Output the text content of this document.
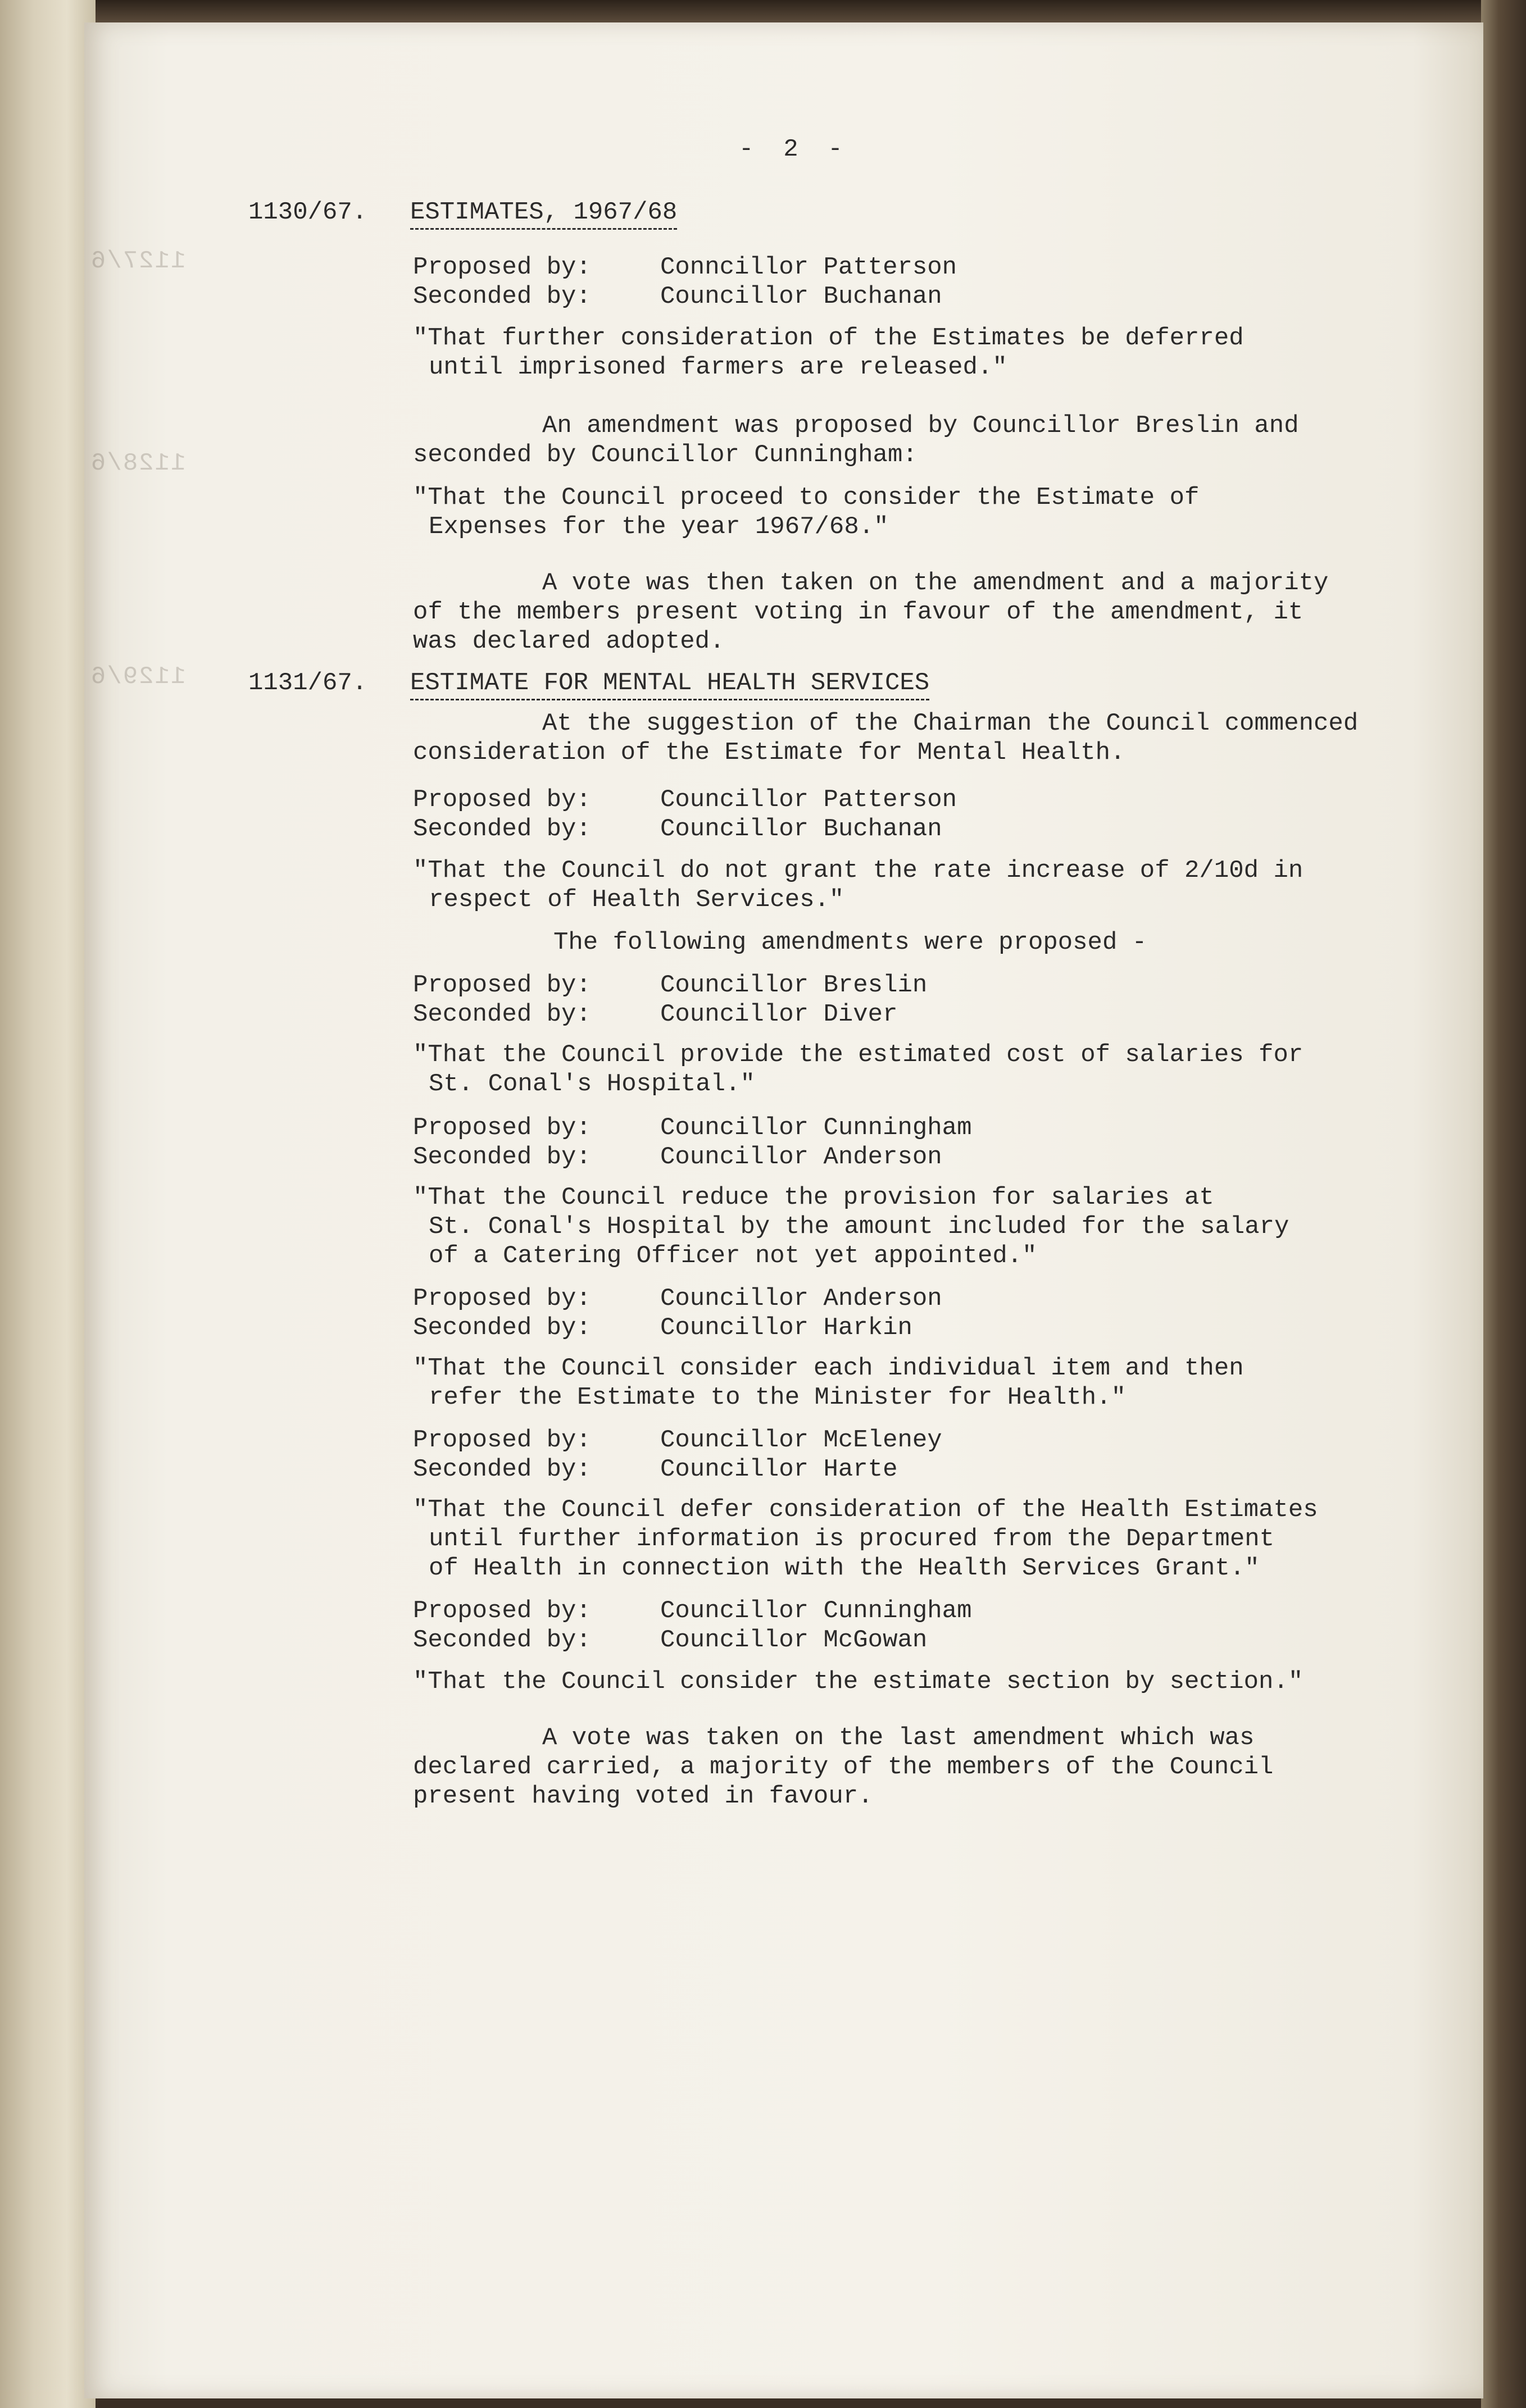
1127/6
1128/6
1129/6
-  2  -
1130/67. ESTIMATES, 1967/68
Proposed by:	Conncillor Patterson
Seconded by:	Councillor Buchanan
"That further consideration of the Estimates be deferred
until imprisoned farmers are released."
An amendment was proposed by Councillor Breslin and
seconded by Councillor Cunningham:
"That the Council proceed to consider the Estimate of
Expenses for the year 1967/68."
A vote was then taken on the amendment and a majority
of the members present voting in favour of the amendment, it
was declared adopted.
1131/67. ESTIMATE FOR MENTAL HEALTH SERVICES
At the suggestion of the Chairman the Council commenced
consideration of the Estimate for Mental Health.
Proposed by:	Councillor Patterson
Seconded by:	Councillor Buchanan
"That the Council do not grant the rate increase of 2/10d in
respect of Health Services."
The following amendments were proposed -
Proposed by:	Councillor Breslin
Seconded by:	Councillor Diver
"That the Council provide the estimated cost of salaries for
St. Conal's Hospital."
Proposed by:	Councillor Cunningham
Seconded by:	Councillor Anderson
"That the Council reduce the provision for salaries at
St. Conal's Hospital by the amount included for the salary
of a Catering Officer not yet appointed."
Proposed by:	Councillor Anderson
Seconded by:	Councillor Harkin
"That the Council consider each individual item and then
refer the Estimate to the Minister for Health."
Proposed by:	Councillor McEleney
Seconded by:	Councillor Harte
"That the Council defer consideration of the Health Estimates
until further information is procured from the Department
of Health in connection with the Health Services Grant."
Proposed by:	Councillor Cunningham
Seconded by:	Councillor McGowan
"That the Council consider the estimate section by section."
A vote was taken on the last amendment which was
declared carried, a majority of the members of the Council
present having voted in favour.
